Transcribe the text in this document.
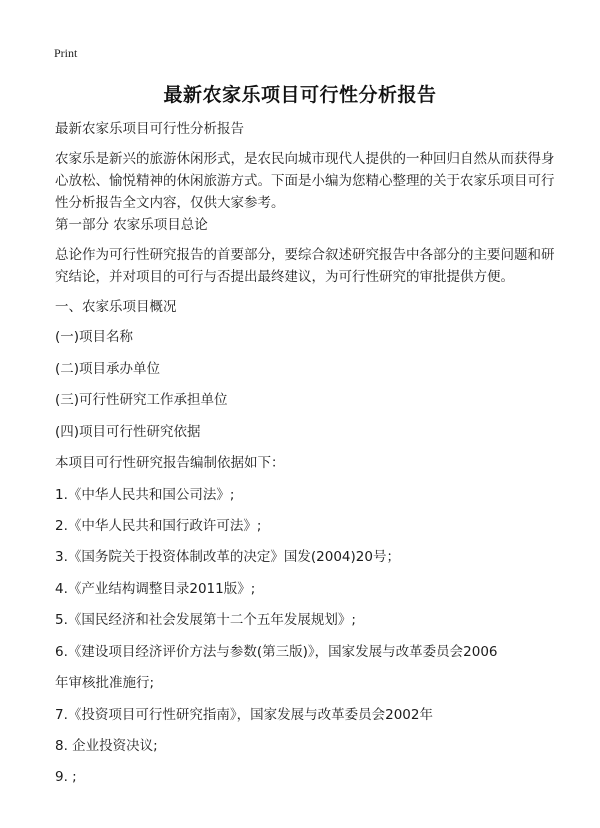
Print
最新农家乐项目可行性分析报告
最新农家乐项目可行性分析报告
农家乐是新兴的旅游休闲形式，是农民向城市现代人提供的一种回归自然从而获得身心放松、愉悦精神的休闲旅游方式。下面是小编为您精心整理的关于农家乐项目可行性分析报告全文内容，仅供大家参考。
第一部分 农家乐项目总论
总论作为可行性研究报告的首要部分，要综合叙述研究报告中各部分的主要问题和研究结论，并对项目的可行与否提出最终建议，为可行性研究的审批提供方便。
一、农家乐项目概况
(一)项目名称
(二)项目承办单位
(三)可行性研究工作承担单位
(四)项目可行性研究依据
本项目可行性研究报告编制依据如下：
1.《中华人民共和国公司法》;
2.《中华人民共和国行政许可法》;
3.《国务院关于投资体制改革的决定》国发(2004)20号；
4.《产业结构调整目录2011版》;
5.《国民经济和社会发展第十二个五年发展规划》;
6.《建设项目经济评价方法与参数(第三版)》，国家发展与改革委员会2006
年审核批准施行;
7.《投资项目可行性研究指南》，国家发展与改革委员会2002年
8. 企业投资决议;
9. ;
